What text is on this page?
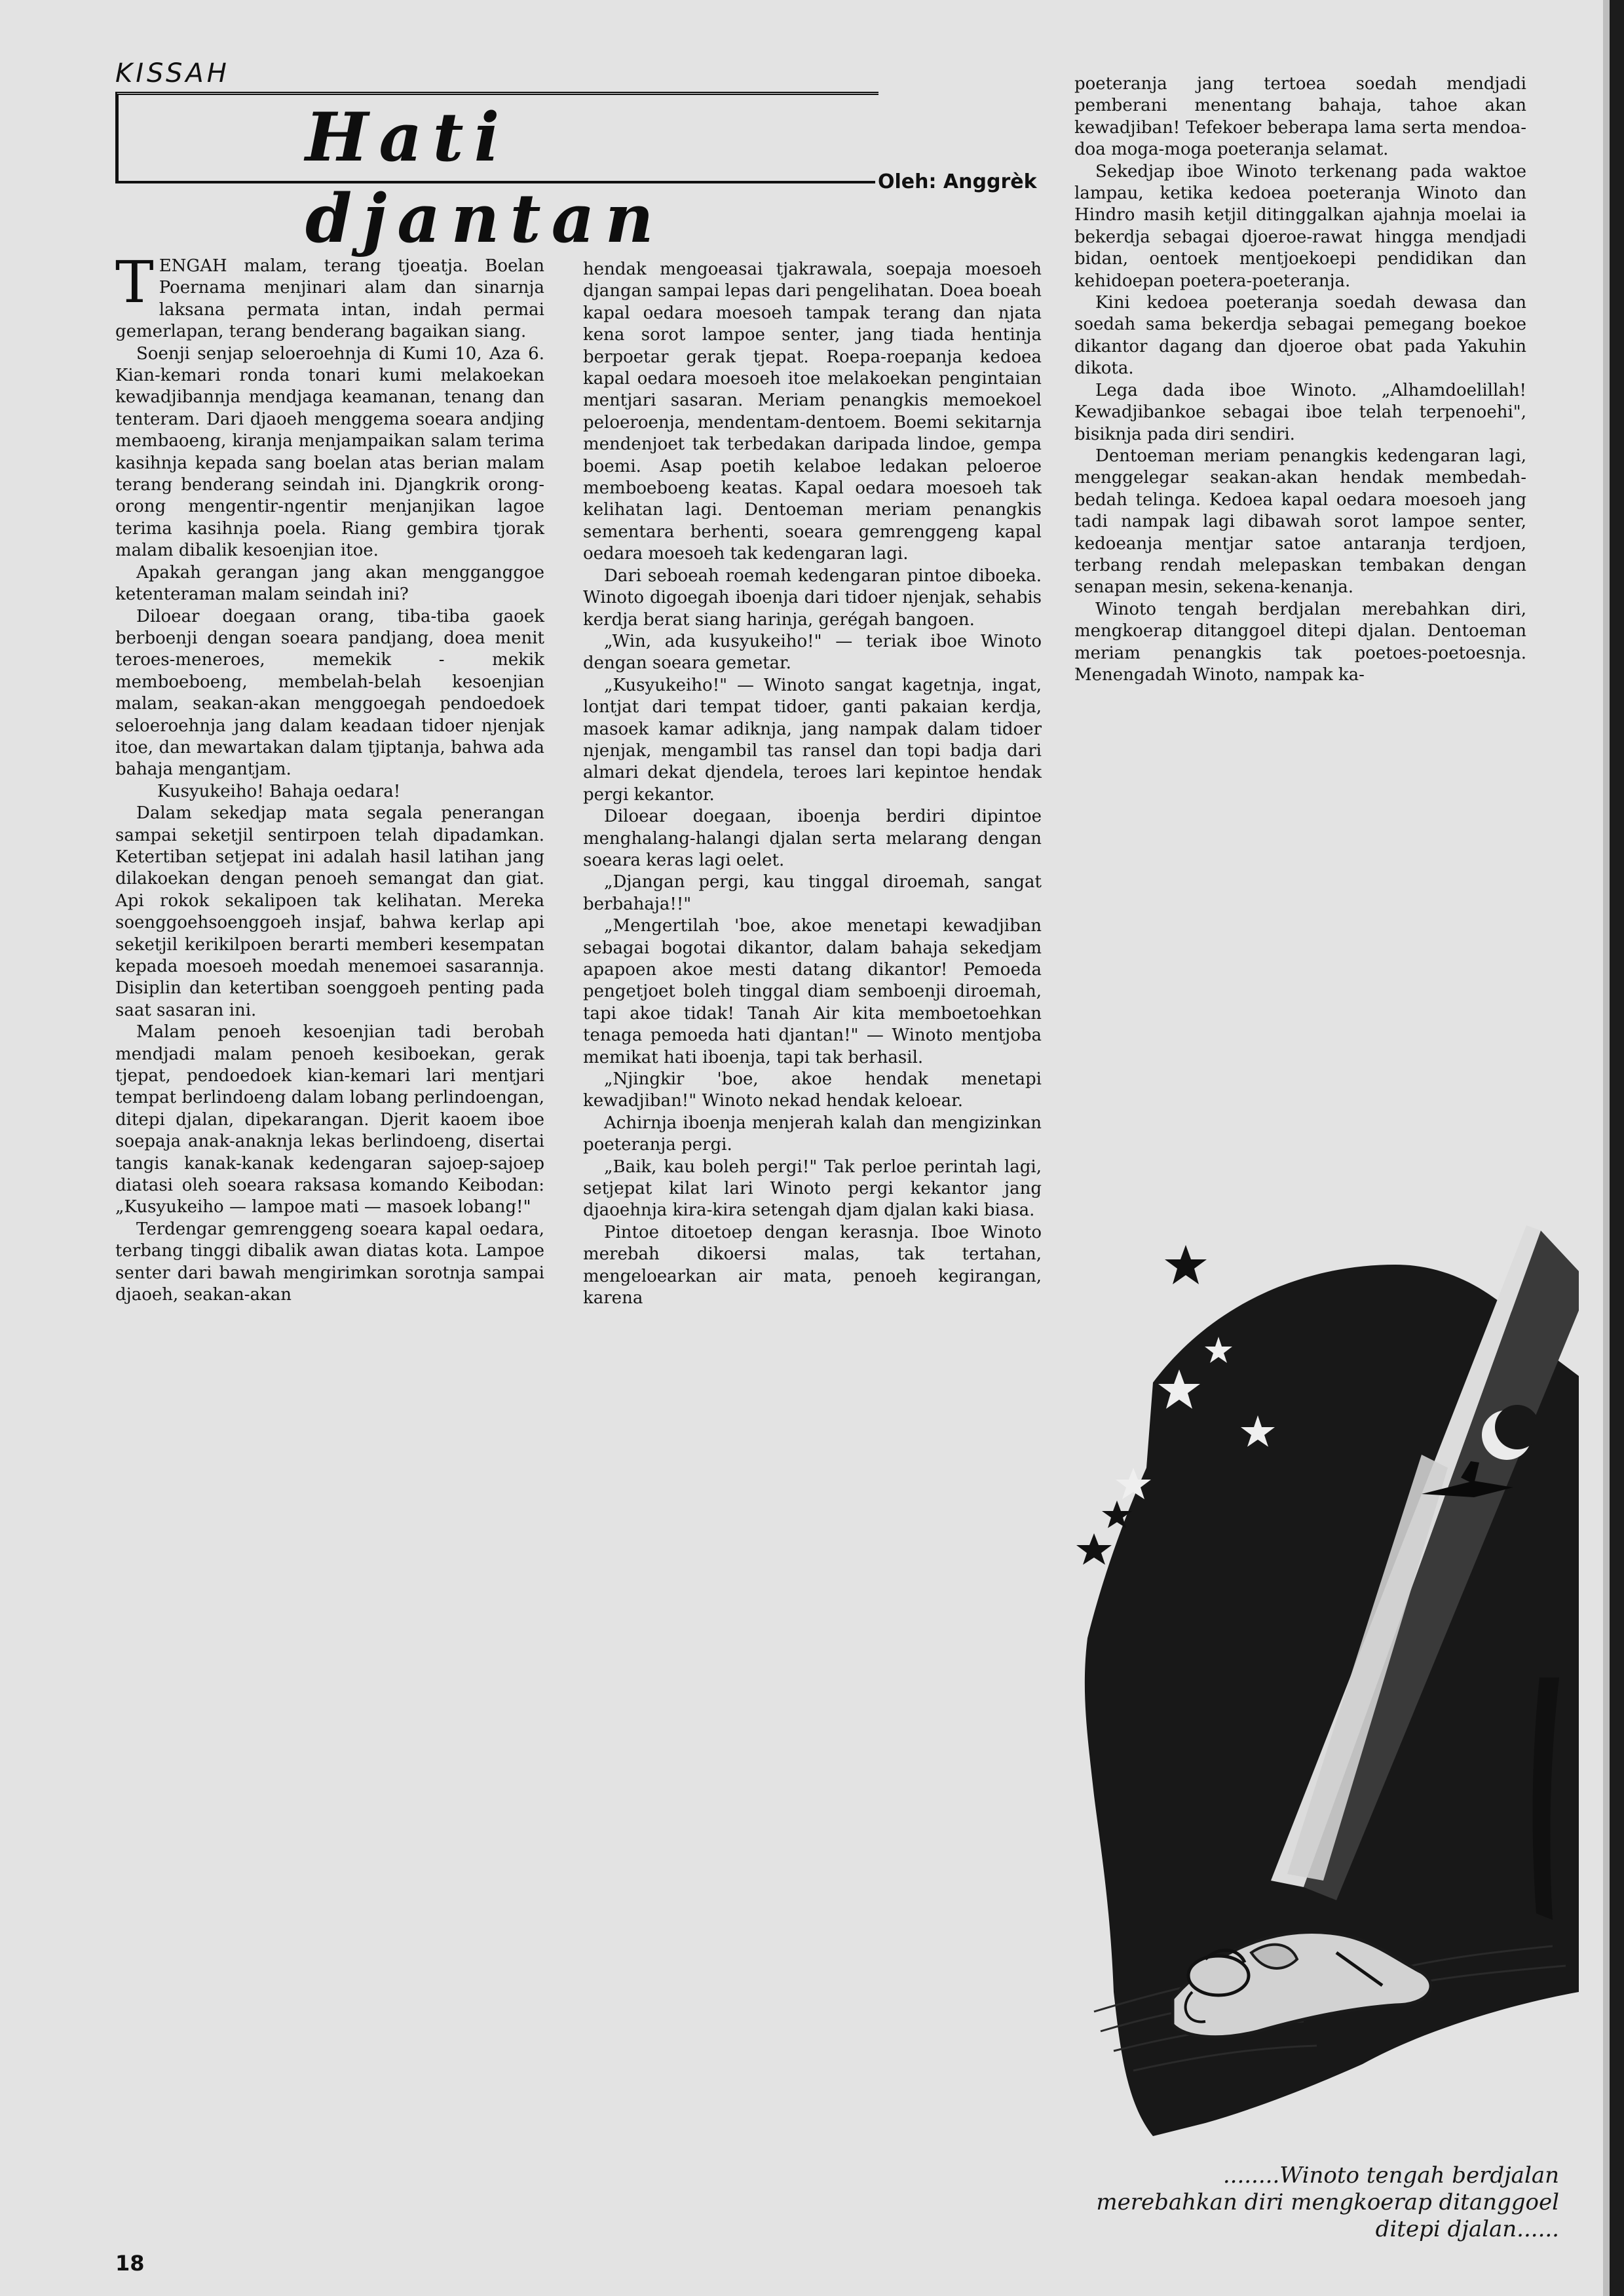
KISSAH
Hati djantan	Oleh: Anggrèk

TENGAH malam, terang tjoeatja. Boelan Poernama menjinari alam dan sinarnja laksana permata intan, indah permai gemerlapan, terang benderang bagaikan siang.

Soenji senjap seloeroehnja di Kumi 10, Aza 6. Kian-kemari ronda tonari kumi melakoekan kewadjibannja mendjaga keamanan, tenang dan tenteram. Dari djaoeh menggema soeara andjing membaoeng, kiranja menjampaikan salam terima kasihnja kepada sang boelan atas berian malam terang benderang seindah ini. Djangkrik orong-orong mengentir-ngentir menjanjikan lagoe terima kasihnja poela. Riang gembira tjorak malam dibalik kesoenjian itoe.

Apakah gerangan jang akan mengganggoe ketenteraman malam seindah ini?

Diloear doegaan orang, tiba-tiba gaoek berboenji dengan soeara pandjang, doea menit teroes-meneroes, memekik - mekik memboeboeng, membelah-belah kesoenjian malam, seakan-akan menggoegah pendoedoek seloeroehnja jang dalam keadaan tidoer njenjak itoe, dan mewartakan dalam tjiptanja, bahwa ada bahaja mengantjam.

Kusyukeiho! Bahaja oedara!

Dalam sekedjap mata segala penerangan sampai seketjil sentirpoen telah dipadamkan. Ketertiban setjepat ini adalah hasil latihan jang dilakoekan dengan penoeh semangat dan giat. Api rokok sekalipoen tak kelihatan. Mereka soenggoehsoenggoeh insjaf, bahwa kerlap api seketjil kerikilpoen berarti memberi kesempatan kepada moesoeh moedah menemoei sasarannja. Disiplin dan ketertiban soenggoeh penting pada saat sasaran ini.

Malam penoeh kesoenjian tadi berobah mendjadi malam penoeh kesiboekan, gerak tjepat, pendoedoek kian-kemari lari mentjari tempat berlindoeng dalam lobang perlindoengan, ditepi djalan, dipekarangan. Djerit kaoem iboe soepaja anak-anaknja lekas berlindoeng, disertai tangis kanak-kanak kedengaran sajoep-sajoep diatasi oleh soeara raksasa komando Keibodan: „Kusyukeiho — lampoe mati — masoek lobang!"

Terdengar gemrenggeng soeara kapal oedara, terbang tinggi dibalik awan diatas kota. Lampoe senter dari bawah mengirimkan sorotnja sampai djaoeh, seakan-akan

hendak mengoeasai tjakrawala, soepaja moesoeh djangan sampai lepas dari pengelihatan. Doea boeah kapal oedara moesoeh tampak terang dan njata kena sorot lampoe senter, jang tiada hentinja berpoetar gerak tjepat. Roepa-roepanja kedoea kapal oedara moesoeh itoe melakoekan pengintaian mentjari sasaran. Meriam penangkis memoekoel peloeroenja, mendentam-dentoem. Boemi sekitarnja mendenjoet tak terbedakan daripada lindoe, gempa boemi. Asap poetih kelaboe ledakan peloeroe memboeboeng keatas. Kapal oedara moesoeh tak kelihatan lagi. Dentoeman meriam penangkis sementara berhenti, soeara gemrenggeng kapal oedara moesoeh tak kedengaran lagi.

Dari seboeah roemah kedengaran pintoe diboeka. Winoto digoegah iboenja dari tidoer njenjak, sehabis kerdja berat siang harinja, gerégah bangoen.

„Win, ada kusyukeiho!" — teriak iboe Winoto dengan soeara gemetar.

„Kusyukeiho!" — Winoto sangat kagetnja, ingat, lontjat dari tempat tidoer, ganti pakaian kerdja, masoek kamar adiknja, jang nampak dalam tidoer njenjak, mengambil tas ransel dan topi badja dari almari dekat djendela, teroes lari kepintoe hendak pergi kekantor.

Diloear doegaan, iboenja berdiri dipintoe menghalang-halangi djalan serta melarang dengan soeara keras lagi oelet.

„Djangan pergi, kau tinggal diroemah, sangat berbahaja!!"

„Mengertilah 'boe, akoe menetapi kewadjiban sebagai bogotai dikantor, dalam bahaja sekedjam apapoen akoe mesti datang dikantor! Pemoeda pengetjoet boleh tinggal diam semboenji diroemah, tapi akoe tidak! Tanah Air kita memboetoehkan tenaga pemoeda hati djantan!" — Winoto mentjoba memikat hati iboenja, tapi tak berhasil.

„Njingkir 'boe, akoe hendak menetapi kewadjiban!" Winoto nekad hendak keloear.

Achirnja iboenja menjerah kalah dan mengizinkan poeteranja pergi.

„Baik, kau boleh pergi!" Tak perloe perintah lagi, setjepat kilat lari Winoto pergi kekantor jang djaoehnja kira-kira setengah djam djalan kaki biasa.

Pintoe ditoetoep dengan kerasnja. Iboe Winoto merebah dikoersi malas, tak tertahan, mengeloearkan air mata, penoeh kegirangan, karena

poeteranja jang tertoea soedah mendjadi pemberani menentang bahaja, tahoe akan kewadjiban! Tefekoer beberapa lama serta mendoa-doa moga-moga poeteranja selamat.

Sekedjap iboe Winoto terkenang pada waktoe lampau, ketika kedoea poeteranja Winoto dan Hindro masih ketjil ditinggalkan ajahnja moelai ia bekerdja sebagai djoeroe-rawat hingga mendjadi bidan, oentoek mentjoekoepi pendidikan dan kehidoepan poetera-poeteranja.

Kini kedoea poeteranja soedah dewasa dan soedah sama bekerdja sebagai pemegang boekoe dikantor dagang dan djoeroe obat pada Yakuhin dikota.

Lega dada iboe Winoto. „Alhamdoelillah! Kewadjibankoe sebagai iboe telah terpenoehi", bisiknja pada diri sendiri.

Dentoeman meriam penangkis kedengaran lagi, menggelegar seakan-akan hendak membedah-bedah telinga. Kedoea kapal oedara moesoeh jang tadi nampak lagi dibawah sorot lampoe senter, kedoeanja mentjar satoe antaranja terdjoen, terbang rendah melepaskan tembakan dengan senapan mesin, sekena-kenanja.

Winoto tengah berdjalan merebahkan diri, mengkoerap ditanggoel ditepi djalan. Dentoeman meriam penangkis tak poetoes-poetoesnja. Menengadah Winoto, nampak ka-

........Winoto tengah berdjalan merebahkan diri mengkoerap ditanggoel ditepi djalan......
18
